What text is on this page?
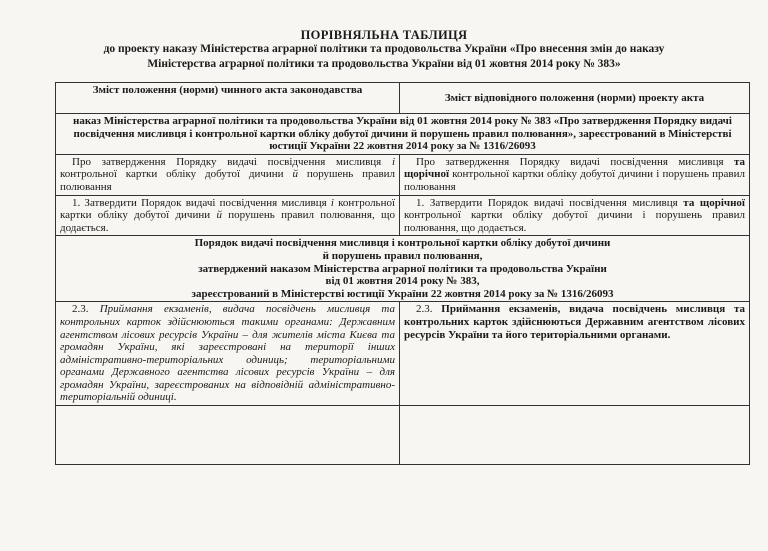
ПОРІВНЯЛЬНА ТАБЛИЦЯ
до проекту наказу Міністерства аграрної політики та продовольства України «Про внесення змін до наказу
Міністерства аграрної політики та продовольства України від 01 жовтня 2014 року № 383»
Зміст положення (норми) чинного акта законодавства	Зміст відповідного положення (норми) проекту акта
наказ Міністерства аграрної політики та продовольства України від 01 жовтня 2014 року № 383 «Про затвердження Порядку видачі посвідчення мисливця і контрольної картки обліку добутої дичини й порушень правил полювання», зареєстрований в Міністерстві юстиції України 22 жовтня 2014 року за № 1316/26093	
Про затвердження Порядку видачі посвідчення мисливця і контрольної картки обліку добутої дичини й порушень правил полювання	Про затвердження Порядку видачі посвідчення мисливця та щорічної контрольної картки обліку добутої дичини і порушень правил полювання
1. Затвердити Порядок видачі посвідчення мисливця і контрольної картки обліку добутої дичини й порушень правил полювання, що додається.	1. Затвердити Порядок видачі посвідчення мисливця та щорічної контрольної картки обліку добутої дичини і порушень правил полювання, що додається.

Порядок видачі посвідчення мисливця і контрольної картки обліку добутої дичини
й порушень правил полювання,
затверджений наказом Міністерства аграрної політики та продовольства України
від 01 жовтня 2014 року № 383,
зареєстрований в Міністерстві юстиції України 22 жовтня 2014 року за № 1316/26093	

2.3. Приймання екзаменів, видача посвідчень мисливця та контрольних карток здійснюються такими органами: Державним агентством лісових ресурсів України – для жителів міста Києва та громадян України, які зареєстровані на території інших адміністративно-територіальних одиниць; територіальними органами Державного агентства лісових ресурсів України – для громадян України, зареєстрованих на відповідній адміністративно-територіальній одиниці.	2.3. Приймання екзаменів, видача посвідчень мисливця та контрольних карток здійснюються Державним агентством лісових ресурсів України та його територіальними органами.
